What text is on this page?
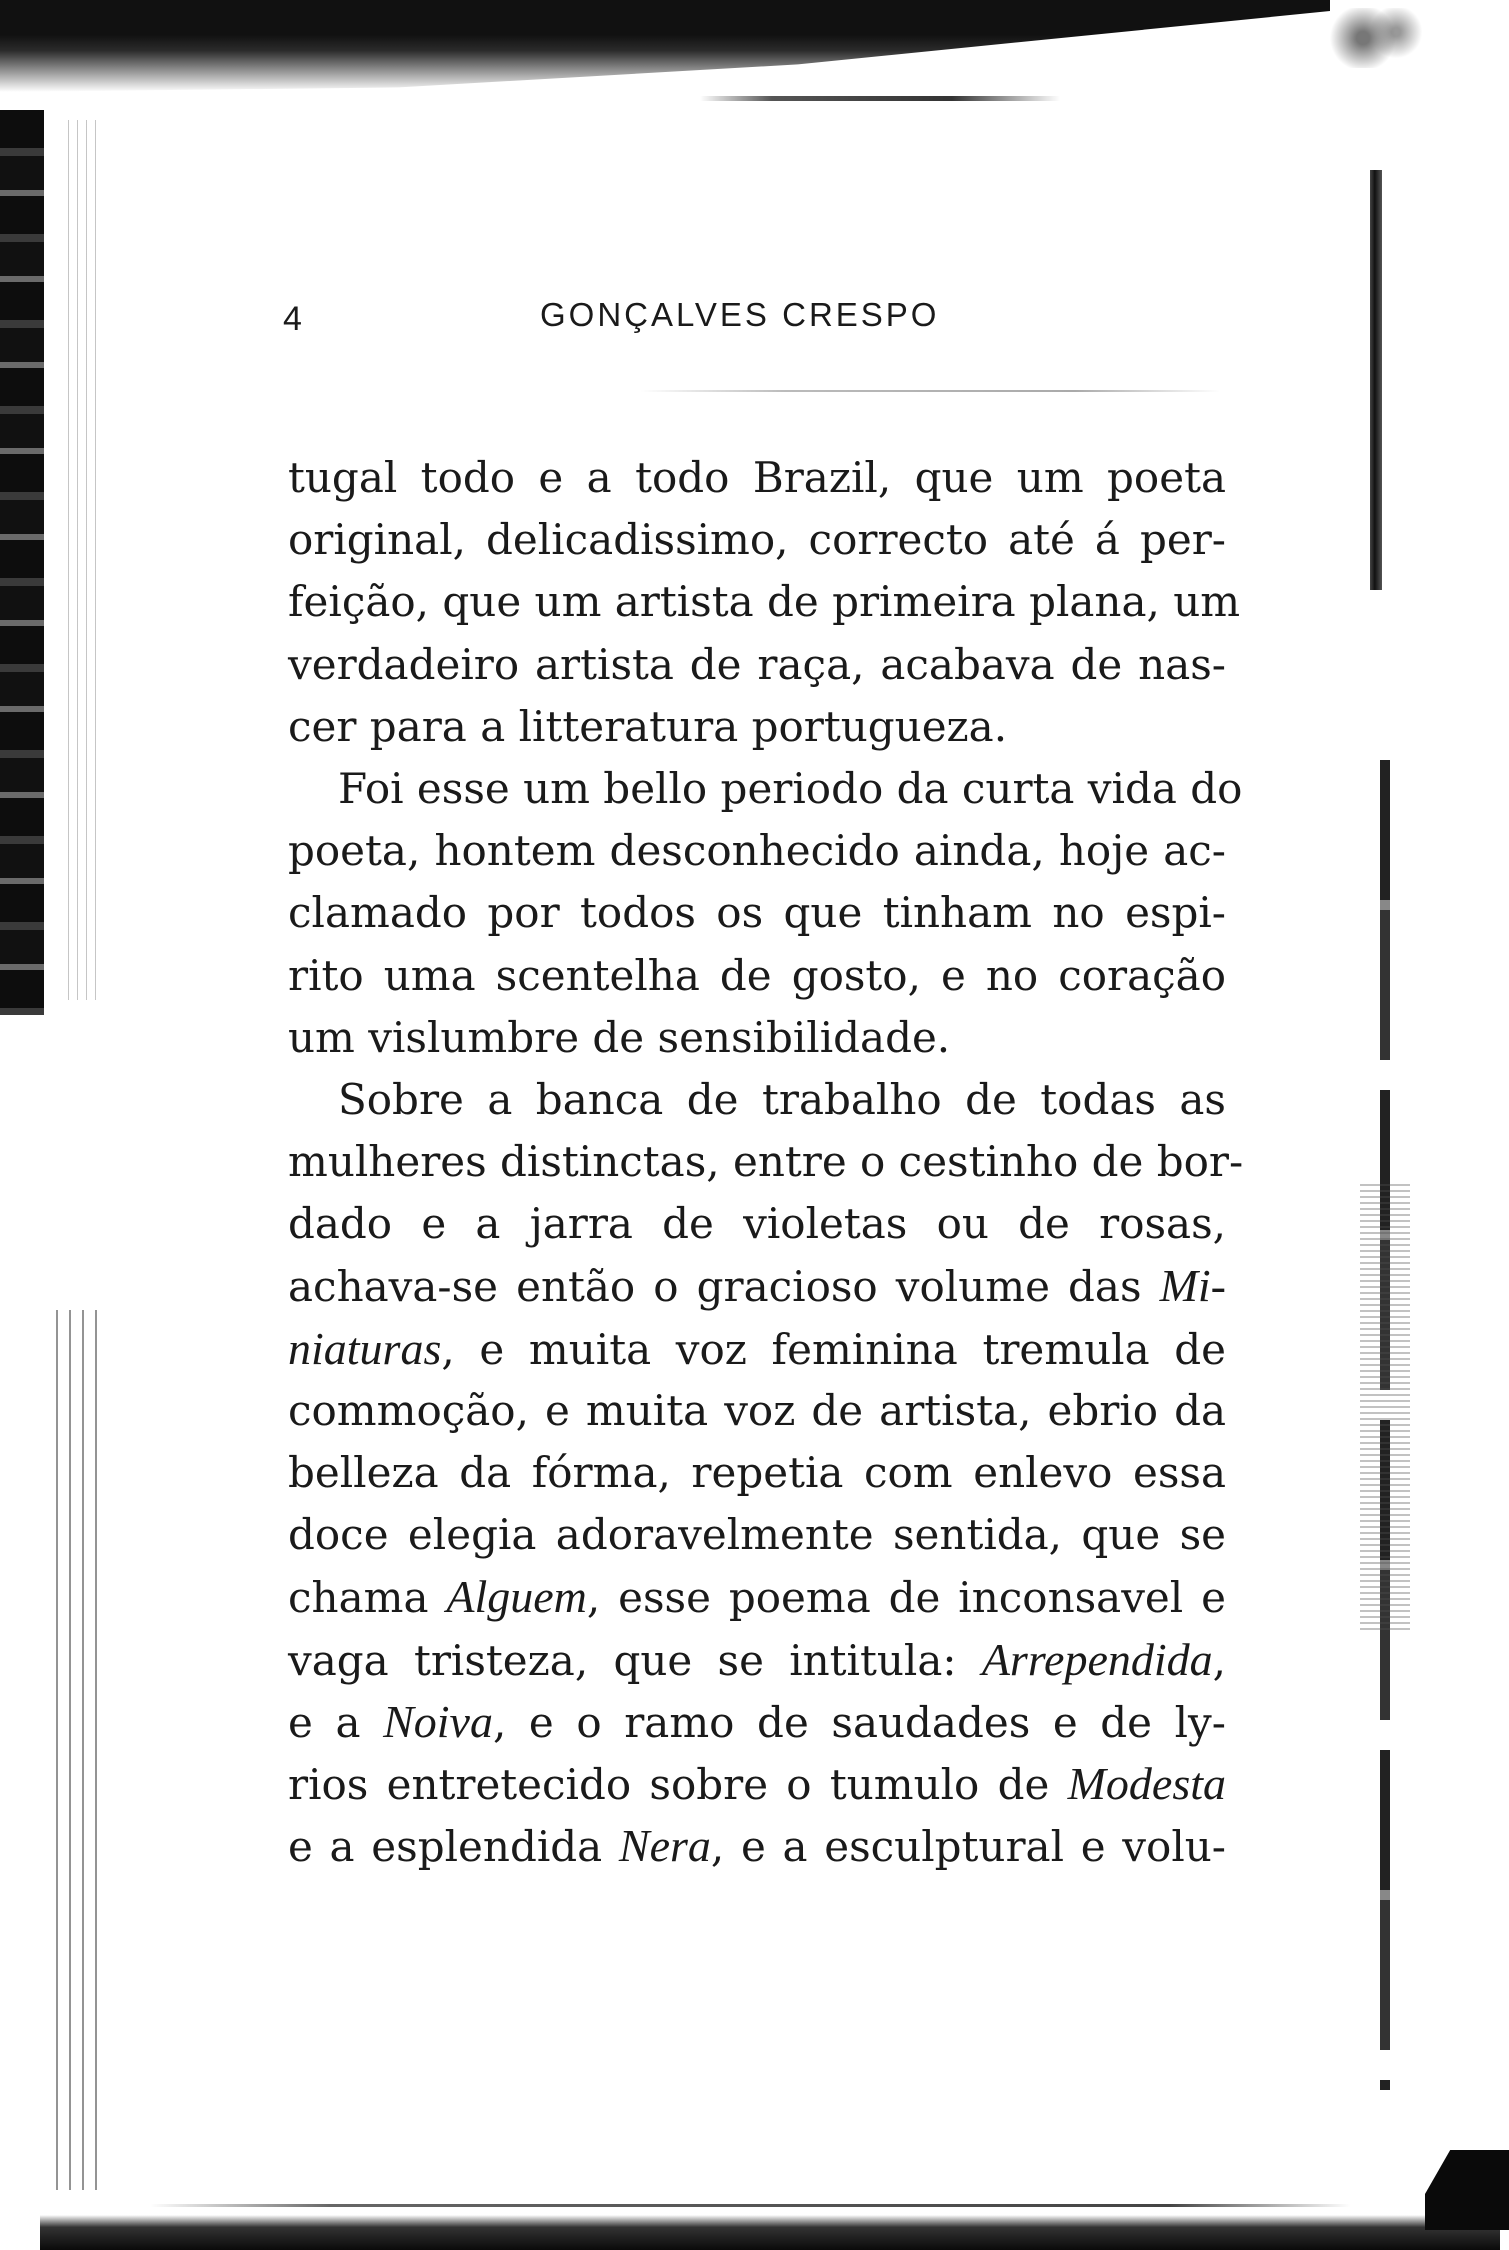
4	GONÇALVES CRESPO
tugal todo e a todo Brazil, que um poeta
original, delicadissimo, correcto até á per-
feição, que um artista de primeira plana, um
verdadeiro artista de raça, acabava de nas-
cer para a litteratura portugueza.
Foi esse um bello periodo da curta vida do
poeta, hontem desconhecido ainda, hoje ac-
clamado por todos os que tinham no espi-
rito uma scentelha de gosto, e no coração
um vislumbre de sensibilidade.
Sobre a banca de trabalho de todas as
mulheres distinctas, entre o cestinho de bor-
dado e a jarra de violetas ou de rosas,
achava-se então o gracioso volume das Mi-
niaturas, e muita voz feminina tremula de
commoção, e muita voz de artista, ebrio da
belleza da fórma, repetia com enlevo essa
doce elegia adoravelmente sentida, que se
chama Alguem, esse poema de inconsavel e
vaga tristeza, que se intitula: Arrependida,
e a Noiva, e o ramo de saudades e de ly-
rios entretecido sobre o tumulo de Modesta
e a esplendida Nera, e a esculptural e volu-
